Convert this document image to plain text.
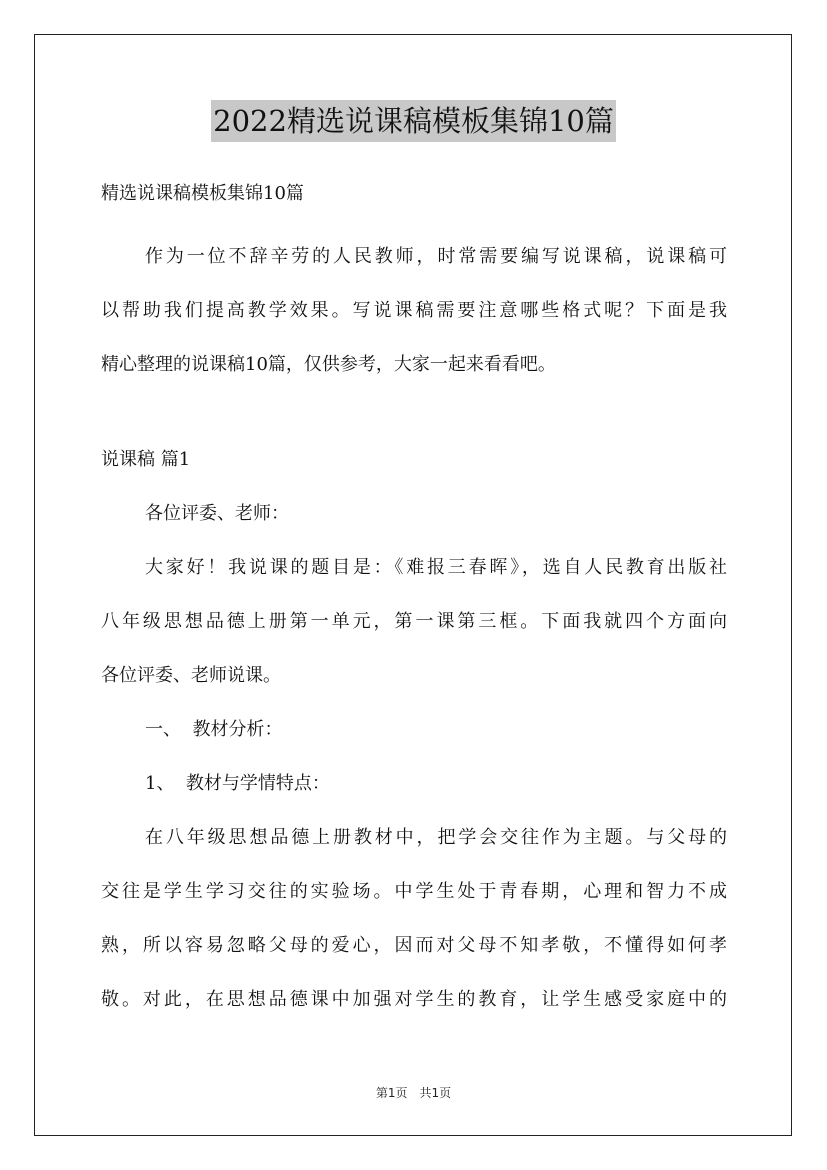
2022精选说课稿模板集锦10篇
精选说课稿模板集锦10篇

作为一位不辞辛劳的人民教师，时常需要编写说课稿，说课稿可

以帮助我们提高教学效果。写说课稿需要注意哪些格式呢？下面是我

精心整理的说课稿10篇，仅供参考，大家一起来看看吧。

说课稿 篇1

各位评委、老师：

大家好！我说课的题目是：《难报三春晖》，选自人民教育出版社

八年级思想品德上册第一单元，第一课第三框。下面我就四个方面向

各位评委、老师说课。

一、  教材分析：

1、  教材与学情特点：

在八年级思想品德上册教材中，把学会交往作为主题。与父母的

交往是学生学习交往的实验场。中学生处于青春期，心理和智力不成

熟，所以容易忽略父母的爱心，因而对父母不知孝敬，不懂得如何孝

敬。对此，在思想品德课中加强对学生的教育，让学生感受家庭中的

第1页 共1页
